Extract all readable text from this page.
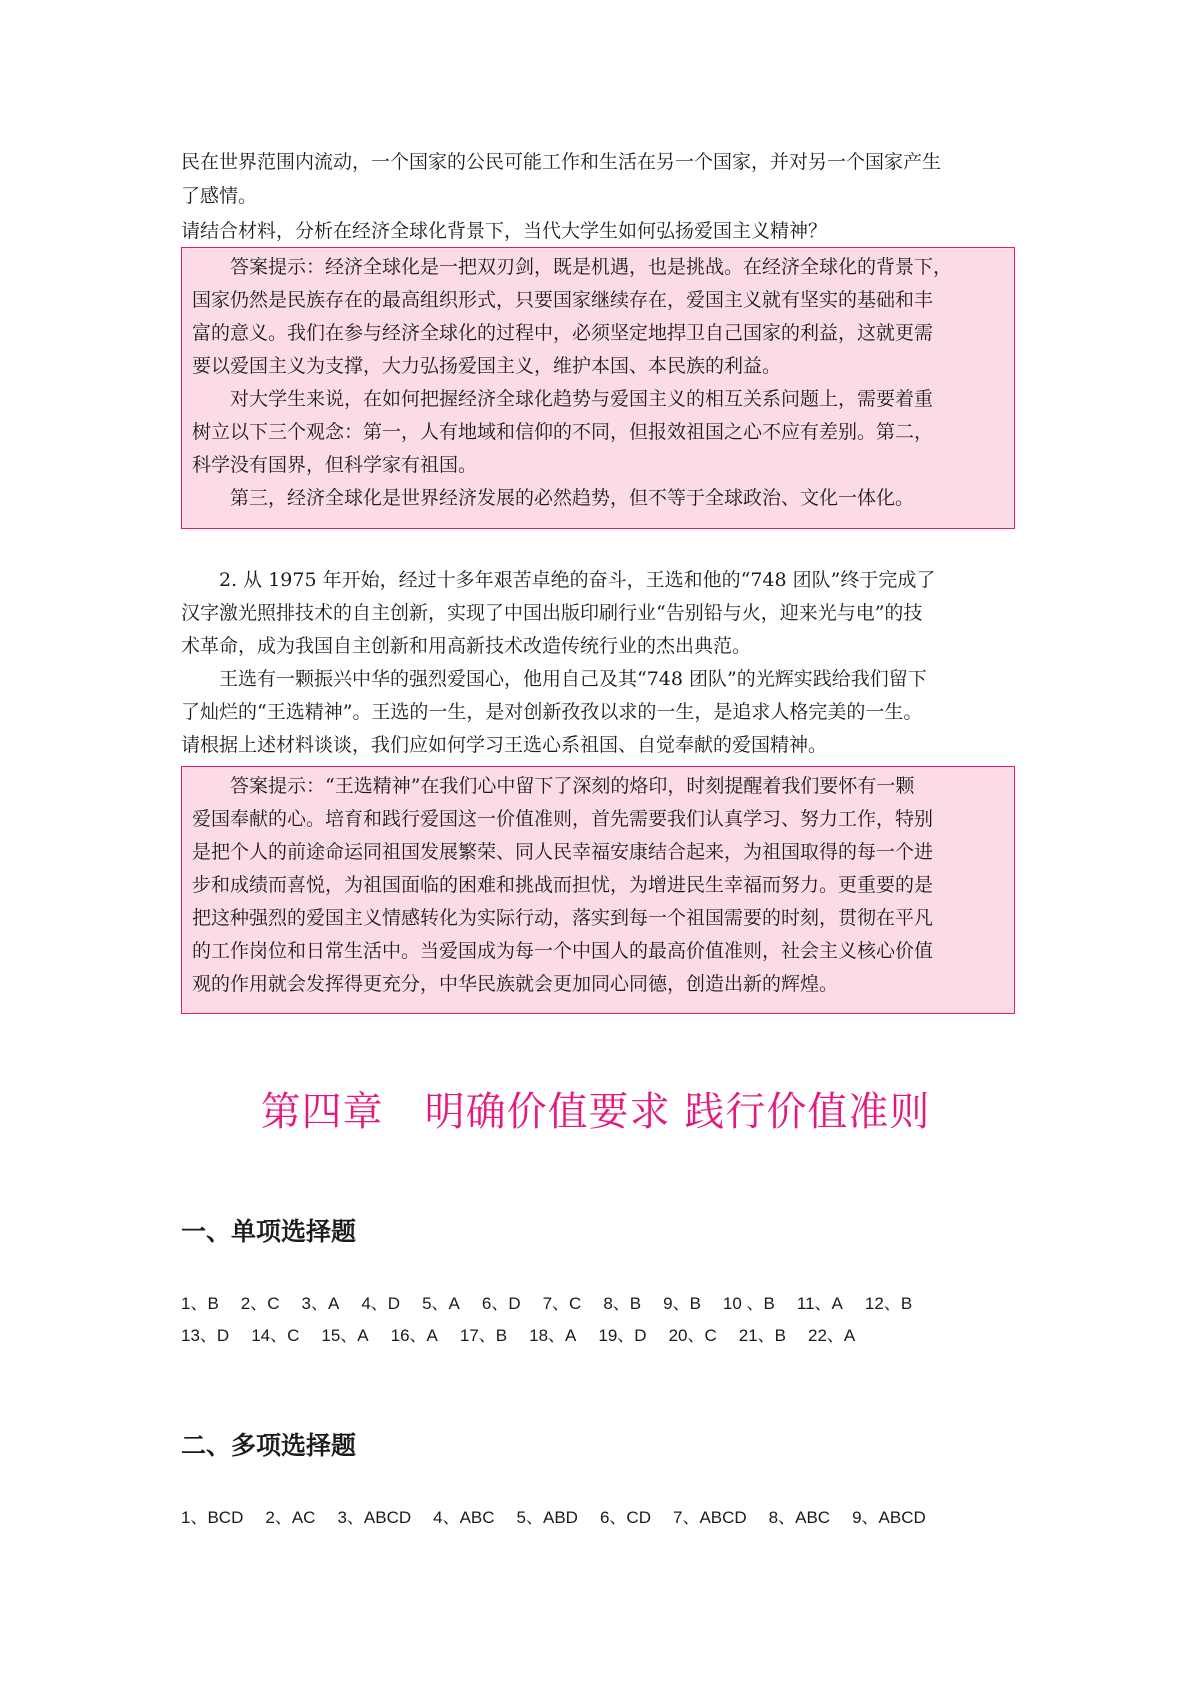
民在世界范围内流动，一个国家的公民可能工作和生活在另一个国家，并对另一个国家产生
了感情。
请结合材料，分析在经济全球化背景下，当代大学生如何弘扬爱国主义精神？

答案提示：经济全球化是一把双刃剑，既是机遇，也是挑战。在经济全球化的背景下，

国家仍然是民族存在的最高组织形式，只要国家继续存在，爱国主义就有坚实的基础和丰

富的意义。我们在参与经济全球化的过程中，必须坚定地捍卫自己国家的利益，这就更需

要以爱国主义为支撑，大力弘扬爱国主义，维护本国、本民族的利益。

对大学生来说，在如何把握经济全球化趋势与爱国主义的相互关系问题上，需要着重

树立以下三个观念：第一，人有地域和信仰的不同，但报效祖国之心不应有差别。第二，

科学没有国界，但科学家有祖国。

第三，经济全球化是世界经济发展的必然趋势，但不等于全球政治、文化一体化。

2. 从 1975 年开始，经过十多年艰苦卓绝的奋斗，王选和他的“748 团队”终于完成了

汉字激光照排技术的自主创新，实现了中国出版印刷行业“告别铅与火，迎来光与电”的技

术革命，成为我国自主创新和用高新技术改造传统行业的杰出典范。

王选有一颗振兴中华的强烈爱国心，他用自己及其“748 团队”的光辉实践给我们留下

了灿烂的“王选精神”。王选的一生，是对创新孜孜以求的一生，是追求人格完美的一生。

请根据上述材料谈谈，我们应如何学习王选心系祖国、自觉奉献的爱国精神。

答案提示：“王选精神”在我们心中留下了深刻的烙印，时刻提醒着我们要怀有一颗

爱国奉献的心。培育和践行爱国这一价值准则，首先需要我们认真学习、努力工作，特别

是把个人的前途命运同祖国发展繁荣、同人民幸福安康结合起来，为祖国取得的每一个进

步和成绩而喜悦，为祖国面临的困难和挑战而担忧，为增进民生幸福而努力。更重要的是

把这种强烈的爱国主义情感转化为实际行动，落实到每一个祖国需要的时刻，贯彻在平凡

的工作岗位和日常生活中。当爱国成为每一个中国人的最高价值准则，社会主义核心价值

观的作用就会发挥得更充分，中华民族就会更加同心同德，创造出新的辉煌。

第四章　明确价值要求 践行价值准则
一、单项选择题
1、B 2、C 3、A 4、D 5、A 6、D 7、C 8、B 9、B 10 、B 11、A 12、B
13、D 14、C 15、A 16、A 17、B 18、A 19、D 20、C 21、B 22、A
二、多项选择题
1、BCD 2、AC 3、ABCD 4、ABC 5、ABD 6、CD 7、ABCD 8、ABC 9、ABCD
